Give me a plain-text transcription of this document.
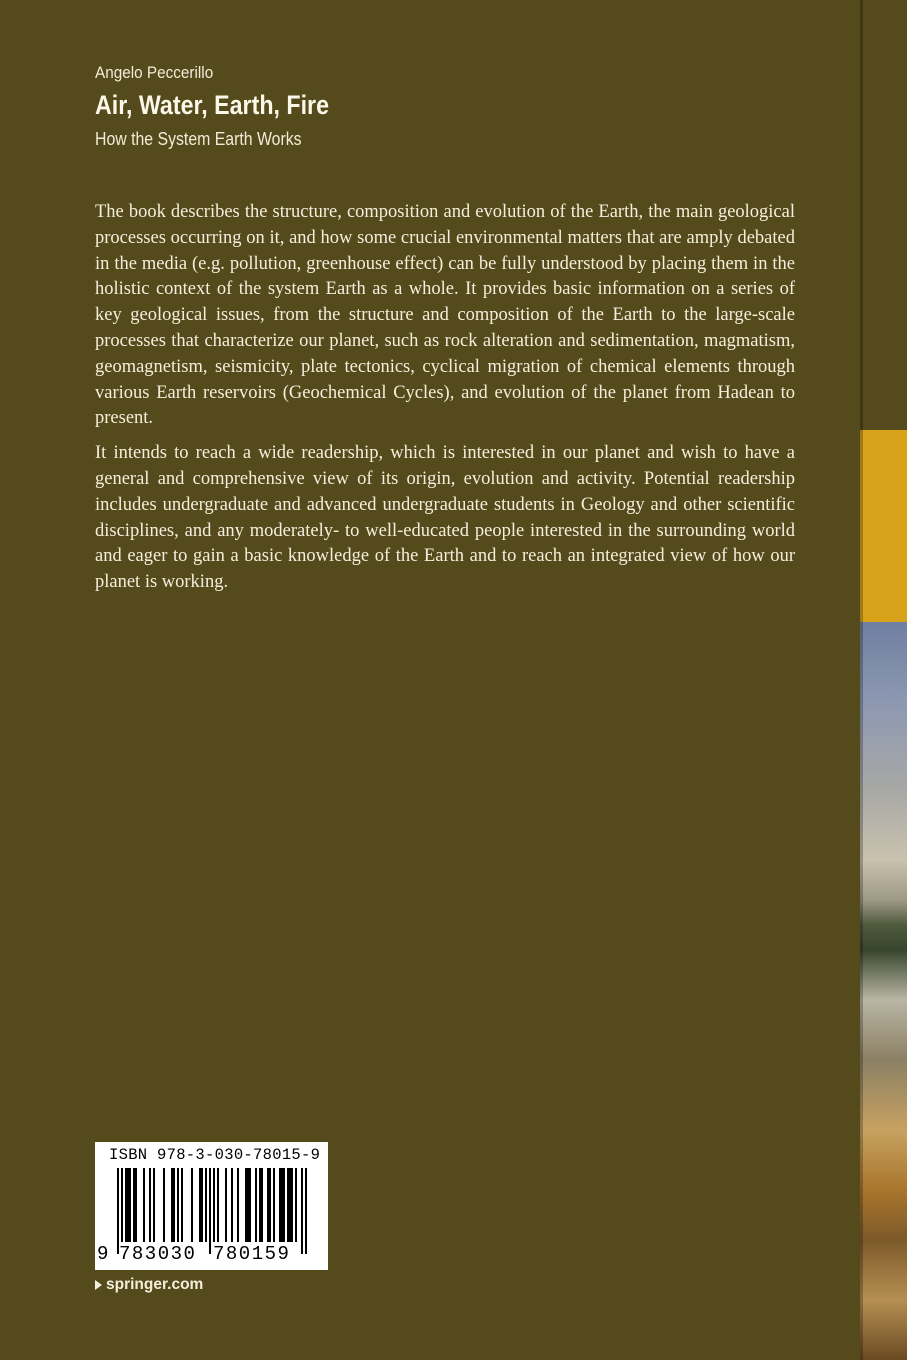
Angelo Peccerillo
Air, Water, Earth, Fire
How the System Earth Works

The book describes the structure, composition and evolution of the Earth, the main geological processes occurring on it, and how some crucial environmental matters that are amply debated in the media (e.g. pollution, greenhouse effect) can be fully understood by placing them in the holistic context of the system Earth as a whole. It provides basic information on a series of key geological issues, from the structure and composition of the Earth to the large-scale processes that characterize our planet, such as rock alteration and sedimentation, magmatism, geomagnetism, seismicity, plate tectonics, cyclical migration of chemical elements through various Earth reservoirs (Geochemical Cycles), and evolution of the planet from Hadean to present.

It intends to reach a wide readership, which is interested in our planet and wish to have a general and comprehensive view of its origin, evolution and activity. Potential readership includes undergraduate and advanced undergraduate students in Geology and other scientific disciplines, and any moderately- to well-educated people interested in the surrounding world and eager to gain a basic knowledge of the Earth and to reach an integrated view of how our planet is working.

ISBN 978-3-030-78015-9
9 783030 780159
springer.com
